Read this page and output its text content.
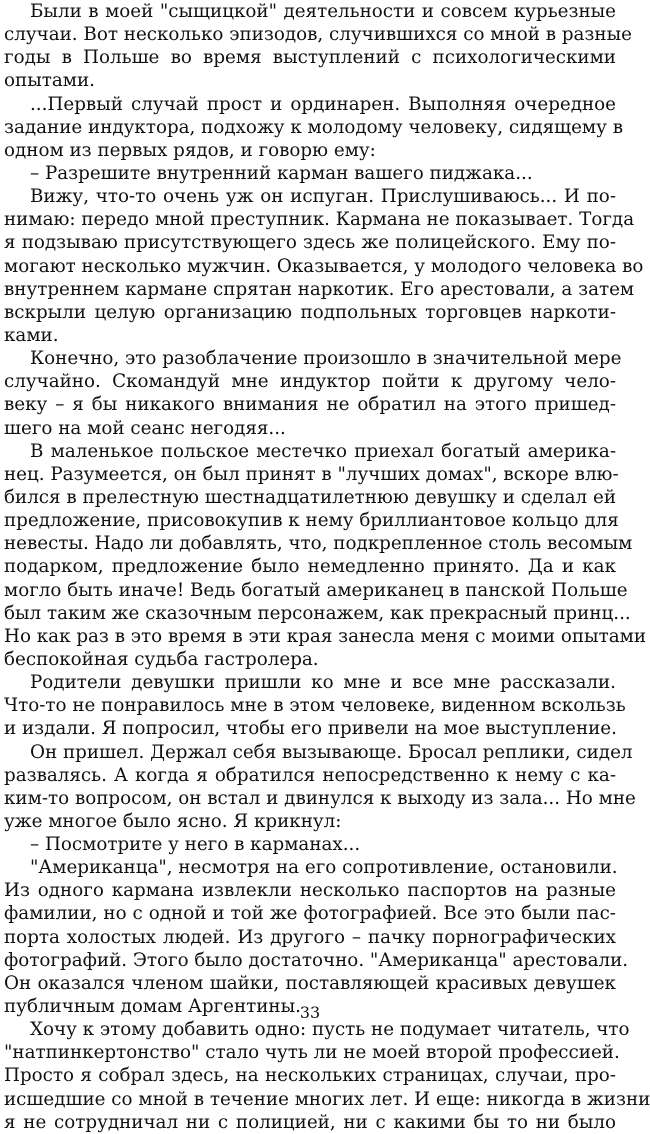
Были в моей "сыщицкой" деятельности и совсем курьезные
случаи. Вот несколько эпизодов, случившихся со мной в разные
годы в Польше во время выступлений с психологическими
опытами.
...Первый случай прост и ординарен. Выполняя очередное
задание индуктора, подхожу к молодому человеку, сидящему в
одном из первых рядов, и говорю ему:
– Разрешите внутренний карман вашего пиджака...
Вижу, что-то очень уж он испуган. Прислушиваюсь... И по-
нимаю: передо мной преступник. Кармана не показывает. Тогда
я подзываю присутствующего здесь же полицейского. Ему по-
могают несколько мужчин. Оказывается, у молодого человека во
внутреннем кармане спрятан наркотик. Его арестовали, а затем
вскрыли целую организацию подпольных торговцев наркоти-
ками.
Конечно, это разоблачение произошло в значительной мере
случайно. Скомандуй мне индуктор пойти к другому чело-
веку – я бы никакого внимания не обратил на этого пришед-
шего на мой сеанс негодяя...
В маленькое польское местечко приехал богатый америка-
нец. Разумеется, он был принят в "лучших домах", вскоре влю-
бился в прелестную шестнадцатилетнюю девушку и сделал ей
предложение, присовокупив к нему бриллиантовое кольцо для
невесты. Надо ли добавлять, что, подкрепленное столь весомым
подарком, предложение было немедленно принято. Да и как
могло быть иначе! Ведь богатый американец в панской Польше
был таким же сказочным персонажем, как прекрасный принц...
Но как раз в это время в эти края занесла меня с моими опытами
беспокойная судьба гастролера.
Родители девушки пришли ко мне и все мне рассказали.
Что-то не понравилось мне в этом человеке, виденном вскользь
и издали. Я попросил, чтобы его привели на мое выступление.
Он пришел. Держал себя вызывающе. Бросал реплики, сидел
развалясь. А когда я обратился непосредственно к нему с ка-
ким-то вопросом, он встал и двинулся к выходу из зала... Но мне
уже многое было ясно. Я крикнул:
– Посмотрите у него в карманах...
"Американца", несмотря на его сопротивление, остановили.
Из одного кармана извлекли несколько паспортов на разные
фамилии, но с одной и той же фотографией. Все это были пас-
порта холостых людей. Из другого – пачку порнографических
фотографий. Этого было достаточно. "Американца" арестовали.
Он оказался членом шайки, поставляющей красивых девушек
публичным домам Аргентины.
Хочу к этому добавить одно: пусть не подумает читатель, что
"натпинкертонство" стало чуть ли не моей второй профессией.
Просто я собрал здесь, на нескольких страницах, случаи, про-
исшедшие со мной в течение многих лет. И еще: никогда в жизни
я не сотрудничал ни с полицией, ни с какими бы то ни было
33
